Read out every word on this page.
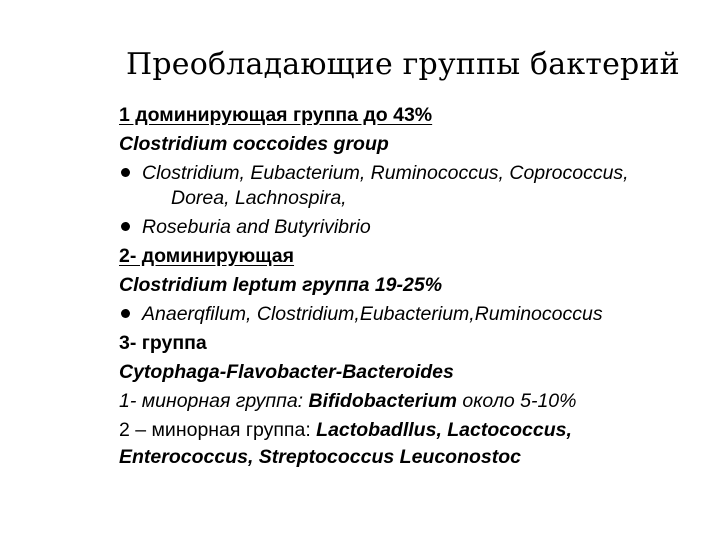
Преобладающие группы бактерий
1 доминирующая группа до 43%
Clostridium coccoides group
Clostridium, Eubacterium, Ruminococcus, Coprococcus,
Dorea, Lachnospira,
Roseburia and Butyrivibrio
2- доминирующая
Clostridium leptum группа 19-25%
Anaerqfilum, Clostridium,Eubacterium,Ruminococcus
3- группа
Cytophaga-Flavobacter-Bacteroides
1- минорная группа: Bifidobacterium около 5-10%
2 – минорная группа: Lactobadllus, Lactococcus,
Enterococcus, Streptococcus Leuconostoc
